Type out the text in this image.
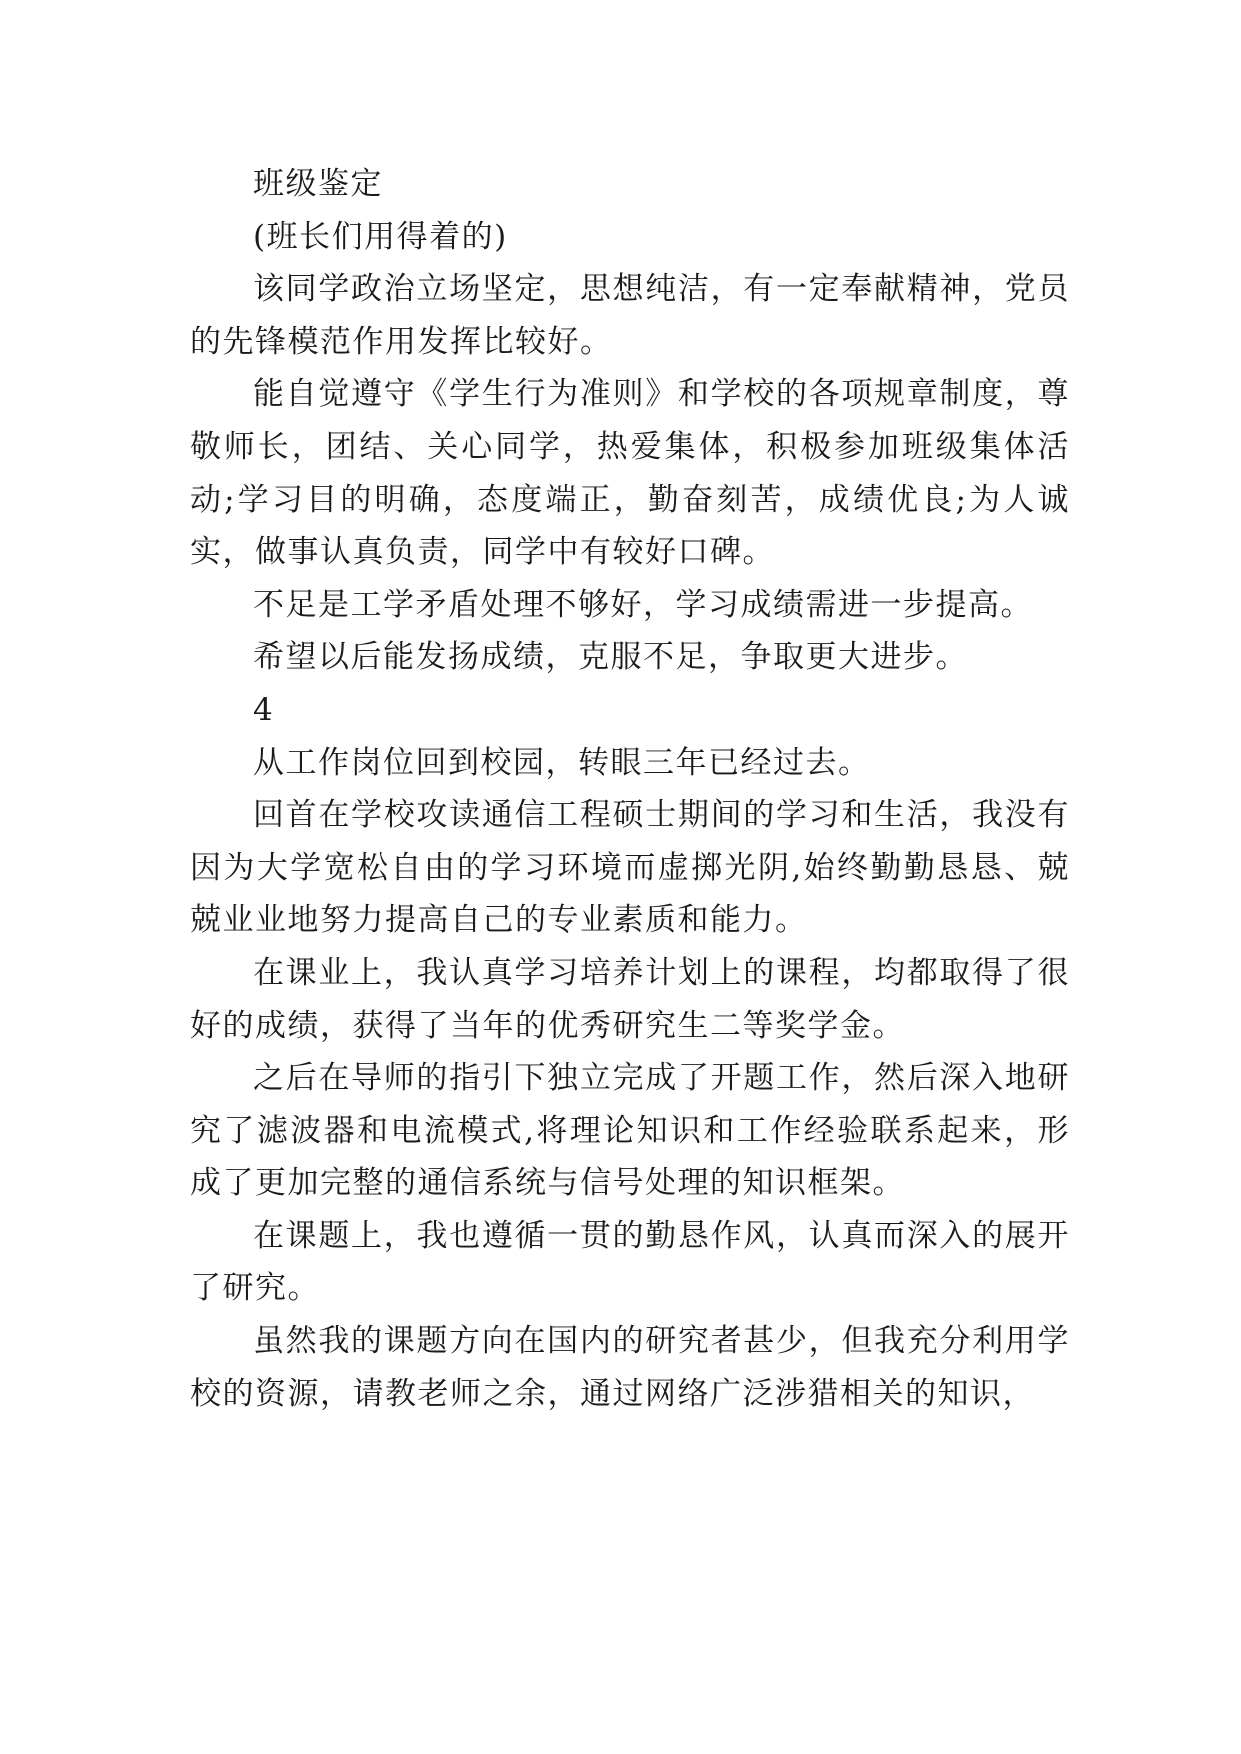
班级鉴定

(班长们用得着的)

该同学政治立场坚定，思想纯洁，有一定奉献精神，党员的先锋模范作用发挥比较好。

能自觉遵守《学生行为准则》和学校的各项规章制度，尊敬师长，团结、关心同学，热爱集体，积极参加班级集体活动;学习目的明确，态度端正，勤奋刻苦，成绩优良;为人诚实，做事认真负责，同学中有较好口碑。

不足是工学矛盾处理不够好，学习成绩需进一步提高。

希望以后能发扬成绩，克服不足，争取更大进步。

4

从工作岗位回到校园，转眼三年已经过去。

回首在学校攻读通信工程硕士期间的学习和生活，我没有因为大学宽松自由的学习环境而虚掷光阴,始终勤勤恳恳、兢兢业业地努力提高自己的专业素质和能力。

在课业上，我认真学习培养计划上的课程，均都取得了很好的成绩，获得了当年的优秀研究生二等奖学金。

之后在导师的指引下独立完成了开题工作，然后深入地研究了滤波器和电流模式,将理论知识和工作经验联系起来，形成了更加完整的通信系统与信号处理的知识框架。

在课题上，我也遵循一贯的勤恳作风，认真而深入的展开了研究。

虽然我的课题方向在国内的研究者甚少，但我充分利用学校的资源，请教老师之余，通过网络广泛涉猎相关的知识，
